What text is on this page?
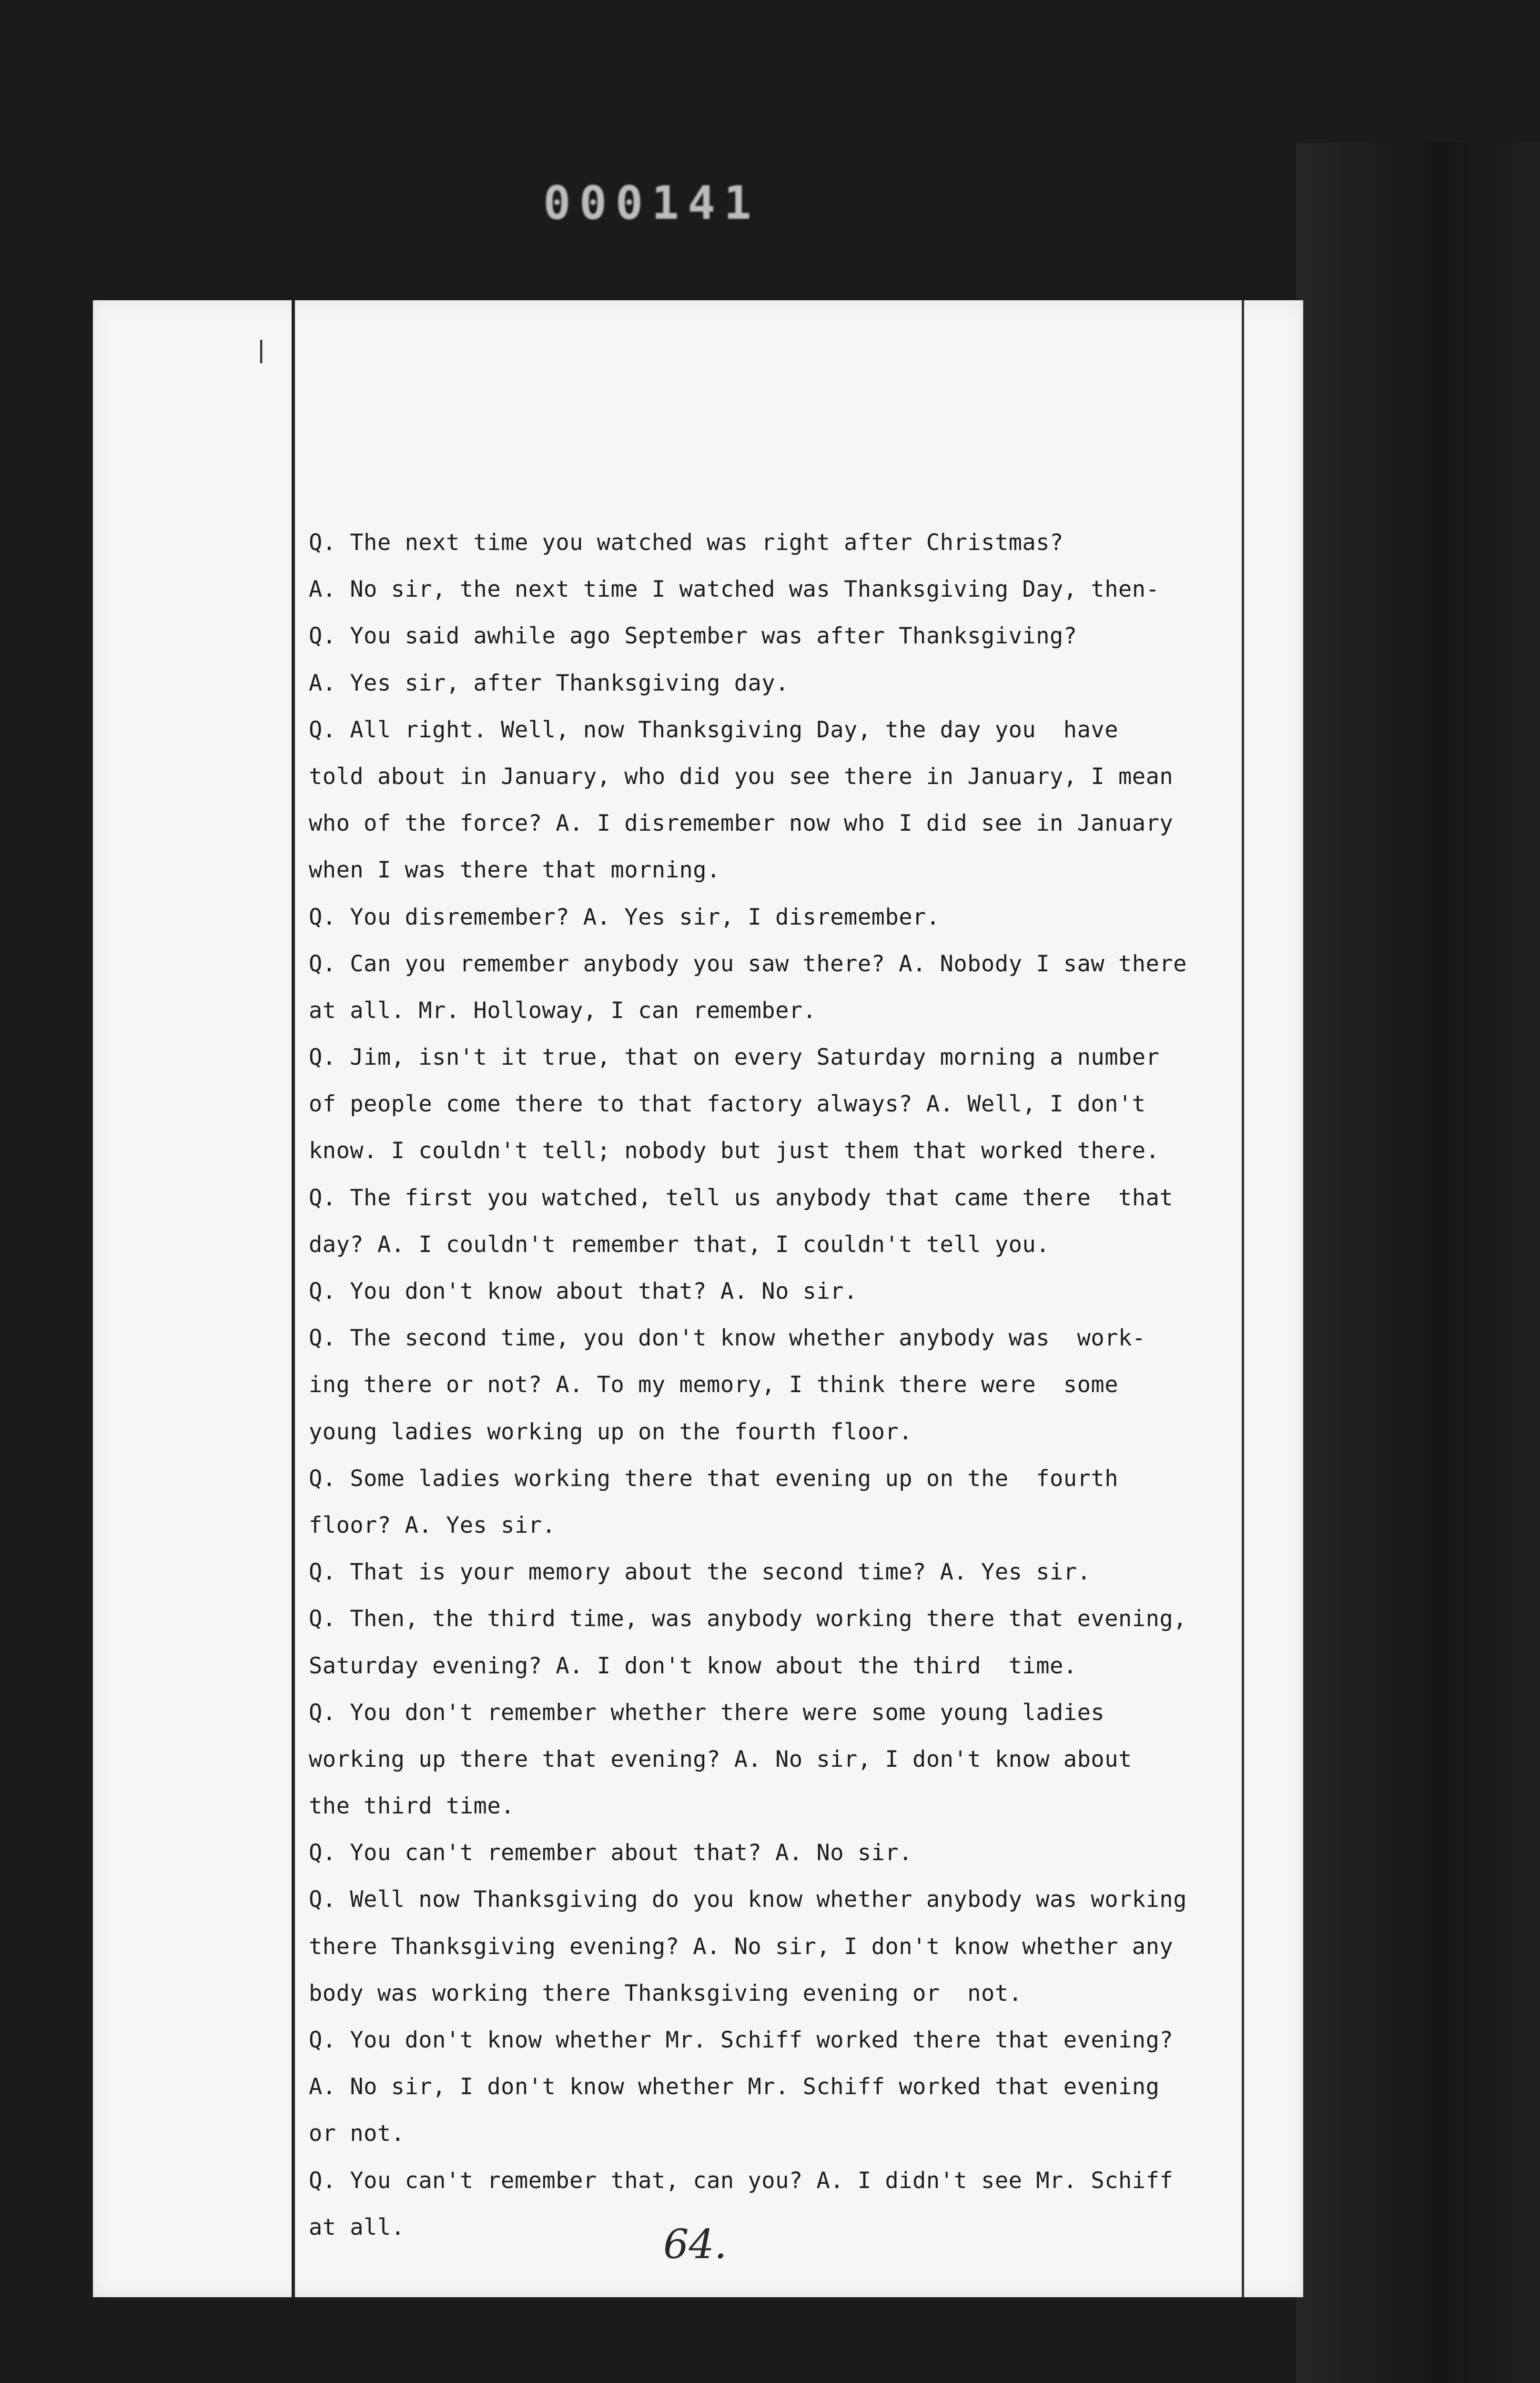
000141
❘
Q. The next time you watched was right after Christmas?
A. No sir, the next time I watched was Thanksgiving Day, then-
Q. You said awhile ago September was after Thanksgiving?
A. Yes sir, after Thanksgiving day.
Q. All right. Well, now Thanksgiving Day, the day you  have
told about in January, who did you see there in January, I mean
who of the force? A. I disremember now who I did see in January
when I was there that morning.
Q. You disremember? A. Yes sir, I disremember.
Q. Can you remember anybody you saw there? A. Nobody I saw there
at all. Mr. Holloway, I can remember.
Q. Jim, isn't it true, that on every Saturday morning a number
of people come there to that factory always? A. Well, I don't
know. I couldn't tell; nobody but just them that worked there.
Q. The first you watched, tell us anybody that came there  that
day? A. I couldn't remember that, I couldn't tell you.
Q. You don't know about that? A. No sir.
Q. The second time, you don't know whether anybody was  work-
ing there or not? A. To my memory, I think there were  some
young ladies working up on the fourth floor.
Q. Some ladies working there that evening up on the  fourth
floor? A. Yes sir.
Q. That is your memory about the second time? A. Yes sir.
Q. Then, the third time, was anybody working there that evening,
Saturday evening? A. I don't know about the third  time.
Q. You don't remember whether there were some young ladies
working up there that evening? A. No sir, I don't know about
the third time.
Q. You can't remember about that? A. No sir.
Q. Well now Thanksgiving do you know whether anybody was working
there Thanksgiving evening? A. No sir, I don't know whether any
body was working there Thanksgiving evening or  not.
Q. You don't know whether Mr. Schiff worked there that evening?
A. No sir, I don't know whether Mr. Schiff worked that evening
or not.
Q. You can't remember that, can you? A. I didn't see Mr. Schiff
at all.	64.
